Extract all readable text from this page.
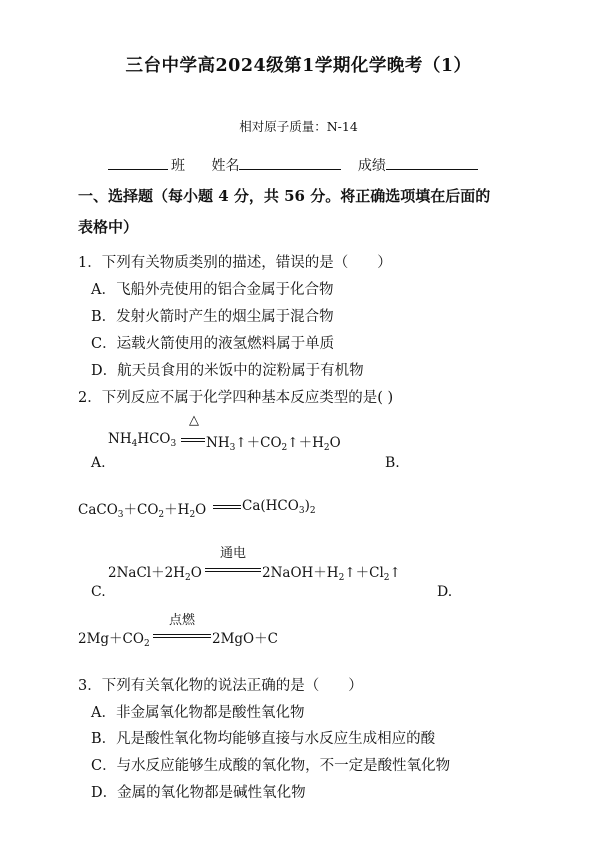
三台中学高2024级第1学期化学晚考（1）
相对原子质量：N-14
班 姓名	成绩
一、选择题（每小题 4 分，共 56 分。将正确选项填在后面的
表格中）
1．下列有关物质类别的描述，错误的是（　　）
A．飞船外壳使用的铝合金属于化合物
B．发射火箭时产生的烟尘属于混合物
C．运载火箭使用的液氢燃料属于单质
D．航天员食用的米饭中的淀粉属于有机物
2．下列反应不属于化学四种基本反应类型的是( )
$NH_4HCO_3$
△
$NH_3↑+CO_2↑+H_2O$
A.	B.
$CaCO_3+CO_2+H_2O$	$Ca(HCO_3)_2$
$2NaCl+2H_2O$
通电
$2NaOH+H_2↑+Cl_2↑$
C.	D.
$2Mg+CO_2$
点燃
2MgO＋C
3．下列有关氧化物的说法正确的是（　　）
A．非金属氧化物都是酸性氧化物
B．凡是酸性氧化物均能够直接与水反应生成相应的酸
C．与水反应能够生成酸的氧化物，不一定是酸性氧化物
D．金属的氧化物都是碱性氧化物
